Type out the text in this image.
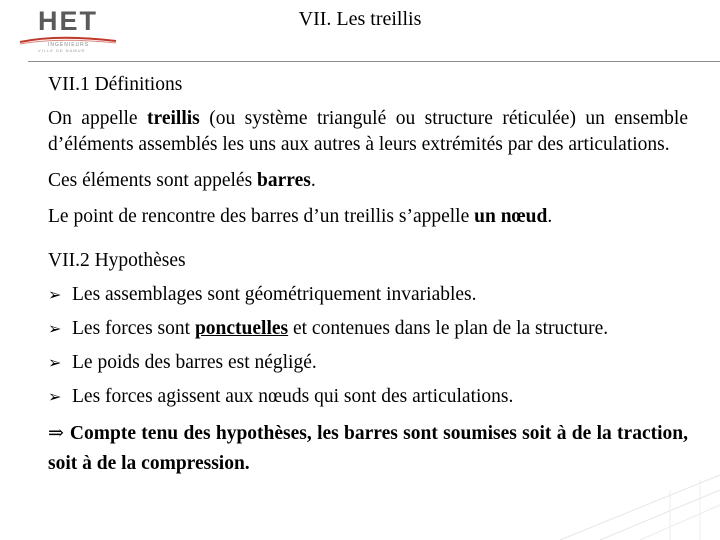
HET
INGÉNIEURS
VILLE DE NAMUR
VII. Les treillis

VII.1 Définitions

On appelle treillis (ou système triangulé ou structure réticulée) un ensemble d’éléments assemblés les uns aux autres à leurs extrémités par des articulations.

Ces éléments sont appelés barres.

Le point de rencontre des barres d’un treillis s’appelle un nœud.

VII.2 Hypothèses

➢ Les assemblages sont géométriquement invariables.
➢ Les forces sont ponctuelles et contenues dans le plan de la structure.
➢ Le poids des barres est négligé.
➢ Les forces agissent aux nœuds qui sont des articulations.

⇒ Compte tenu des hypothèses, les barres sont soumises soit à de la traction, soit à de la compression.
